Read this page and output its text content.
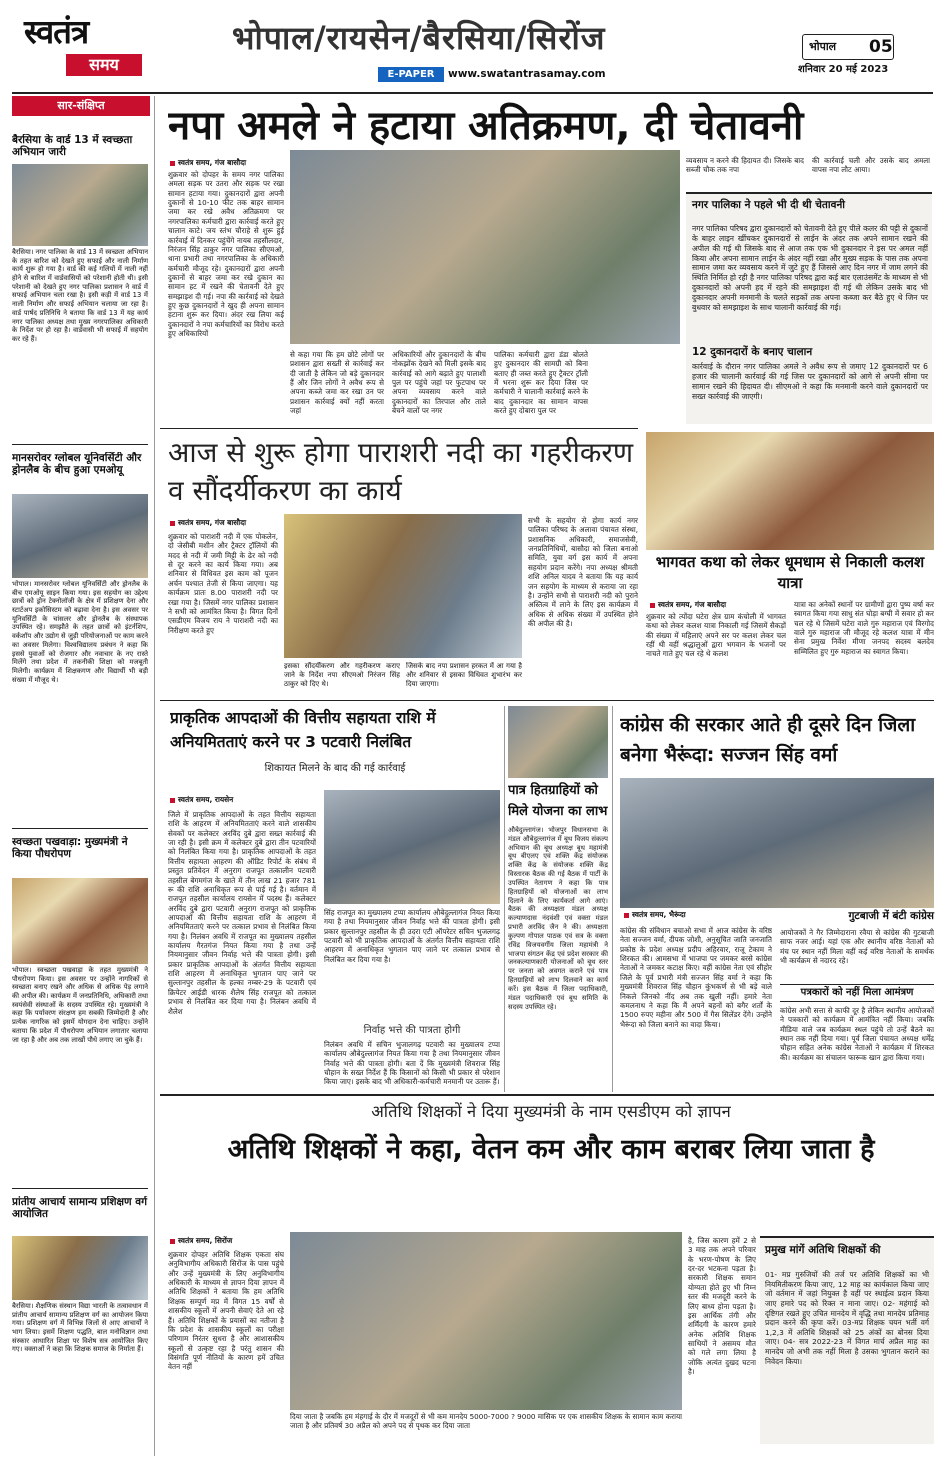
स्वतंत्र
समय
भोपाल/रायसेन/बैरसिया/सिरोंज
E-PAPER	www.swatantrasamay.com
भोपाल 05
शनिवार 20 मई 2023
सार-संक्षिप्त
बैरसिया के वार्ड 13 में स्वच्छता अभियान जारी
बैरसिया। नगर पालिका के वार्ड 13 में स्वच्छता अभियान के तहत बारिश को देखते हुए सफाई और नाली निर्माण कार्य शुरू हो गया है। वार्ड की कई गलियों में नाली नहीं होने से बारिश में वार्डवासियों को परेशानी होती थी। इसी परेशानी को देखते हुए नगर पालिका प्रशासन ने वार्ड में सफाई अभियान चला रखा है। इसी कड़ी में वार्ड 13 में नाली निर्माण और सफाई अभियान चलाया जा रहा है। वार्ड पार्षद प्रतिनिधि ने बताया कि वार्ड 13 में यह कार्य नगर पालिका अध्यक्ष तथा मुख्य नगरपालिका अधिकारी के निर्देश पर हो रहा है। वार्डवासी भी सफाई में सहयोग कर रहे हैं।
मानसरोवर ग्लोबल यूनिवर्सिटी और ड्रोनलैब के बीच हुआ एमओयू
भोपाल। मानसरोवर ग्लोबल यूनिवर्सिटी और ड्रोनलैब के बीच एमओयू साइन किया गया। इस सहयोग का उद्देश्य छात्रों को ड्रोन टेक्नोलॉजी के क्षेत्र में प्रशिक्षण देना और स्टार्टअप इकोसिस्टम को बढ़ावा देना है। इस अवसर पर यूनिवर्सिटी के चांसलर और ड्रोनलैब के संस्थापक उपस्थित रहे। समझौते के तहत छात्रों को इंटर्नशिप, वर्कशॉप और उद्योग से जुड़ी परियोजनाओं पर काम करने का अवसर मिलेगा। विश्वविद्यालय प्रबंधन ने कहा कि इससे युवाओं को रोजगार और नवाचार के नए रास्ते मिलेंगे तथा प्रदेश में तकनीकी शिक्षा को मजबूती मिलेगी। कार्यक्रम में शिक्षकगण और विद्यार्थी भी बड़ी संख्या में मौजूद थे।
स्वच्छता पखवाड़ा: मुख्यमंत्री ने किया पौधरोपण
भोपाल। स्वच्छता पखवाड़ा के तहत मुख्यमंत्री ने पौधरोपण किया। इस अवसर पर उन्होंने नागरिकों से स्वच्छता बनाए रखने और अधिक से अधिक पेड़ लगाने की अपील की। कार्यक्रम में जनप्रतिनिधि, अधिकारी तथा स्वयंसेवी संस्थाओं के सदस्य उपस्थित रहे। मुख्यमंत्री ने कहा कि पर्यावरण संरक्षण हम सबकी जिम्मेदारी है और प्रत्येक नागरिक को इसमें योगदान देना चाहिए। उन्होंने बताया कि प्रदेश में पौधरोपण अभियान लगातार चलाया जा रहा है और अब तक लाखों पौधे लगाए जा चुके हैं।
प्रांतीय आचार्य सामान्य प्रशिक्षण वर्ग आयोजित
बैरसिया। शैक्षणिक संस्थान विद्या भारती के तत्वावधान में प्रांतीय आचार्य सामान्य प्रशिक्षण वर्ग का आयोजन किया गया। प्रशिक्षण वर्ग में विभिन्न जिलों से आए आचार्यों ने भाग लिया। इसमें शिक्षण पद्धति, बाल मनोविज्ञान तथा संस्कार आधारित शिक्षा पर विशेष सत्र आयोजित किए गए। वक्ताओं ने कहा कि शिक्षक समाज के निर्माता हैं।
नपा अमले ने हटाया अतिक्रमण, दी चेतावनी
स्वतंत्र समय, गंज बासौदा
शुक्रवार को दोपहर के समय नगर पालिका अमला सड़क पर उतरा और सड़क पर रखा सामान हटाया गया। दुकानदारों द्वारा अपनी दुकानों से 10-10 फीट तक बाहर सामान जमा कर रखे अवैध अतिक्रमण पर नगरपालिका कर्मचारी द्वारा कार्रवाई करते हुए चालान काटे। जय स्तंभ चौराहे से शुरू हुई कार्रवाई में दिनकर पहुंचेंगे नायब तहसीलदार, निरंजन सिंह ठाकुर नगर पालिका सीएमओ, थाना प्रभारी तथा नगरपालिका के अधिकारी कर्मचारी मौजूद रहे। दुकानदारों द्वारा अपनी दुकानों से बाहर जमा कर रखे दुकान का सामान हट में रखने की चेतावनी देते हुए समझाइश दी गई। नपा की कार्रवाई को देखते हुए कुछ दुकानदारों ने खुद ही अपना सामान हटाना शुरू कर दिया। अंदर रख लिया कई दुकानदारों ने नपा कर्मचारियों का विरोध करते हुए अधिकारियों
से कहा गया कि हम छोटे लोगों पर प्रशासन द्वारा सख्ती से कार्रवाई कर दी जाती है लेकिन जो बड़े दुकानदार हैं और जिन लोगों ने अवैध रूप से अपना कब्जे जमा कर रखा उन पर प्रशासन कार्रवाई क्यों नहीं करता जहां
अधिकारियों और दुकानदारों के बीच नोकझोंक देखने को मिली इसके बाद कार्रवाई को आगे बढ़ाते हुए पालाशी पुल पर पहुंचे जहां पर फुटपाथ पर अपना व्यवसाय करने वाले दुकानदारों का तिरपाल और ताले बेचने वालों पर नगर
पालिका कर्मचारी द्वारा डंडा बोलते हुए दुकानदार की सामग्री को बिना बताए ही जब्त करते हुए ट्रैक्टर ट्रॉली में भरना शुरू कर दिया जिस पर कर्मचारी ने चालानी कार्रवाई करने के बाद दुकानदार का सामान वापस करते हुए दोबारा पुल पर
व्यवसाय न करने की हिदायत दी। जिसके बाद सब्जी चौक तक नपा
की कार्रवाई चली और उसके बाद अमला वापस नपा लौट आया।
नगर पालिका ने पहले भी दी थी चेतावनी
नगर पालिका परिषद द्वारा दुकानदारों को चेतावनी देते हुए पीले कलर की पट्टी से दुकानों के बाहर लाइन खींचकर दुकानदारों से लाईन के अंदर तक अपने सामान रखने की अपील की गई थी जिसके बाद से आज तक एक भी दुकानदार ने इस पर अमल नहीं किया और अपना सामान लाईन के अंदर नहीं रखा और मुख्य सड़क के पास तक अपना सामान जमा कर व्यवसाय करने में जुटे हुए हैं जिससे आए दिन नगर में जाम लगने की स्थिति निर्मित हो रही है नगर पालिका परिषद द्वारा कई बार एलाउंसमेंट के माध्यम से भी दुकानदारों को अपनी हद में रहने की समझाइश दी गई थी लेकिन उसके बाद भी दुकानदार अपनी मनमानी के चलते सड़कों तक अपना कब्जा कर बैठे हुए थे जिन पर बुधवार को समझाइश के साथ चालानी कार्रवाई की गई।
12 दुकानदारों के बनाए चालान
कार्रवाई के दौरान नगर पालिका अमले ने अवैध रूप से जमाए 12 दुकानदारों पर 6 हजार की चालानी कार्रवाई की गई जिस पर दुकानदारों को आगे से अपनी सीमा पर सामान रखने की हिदायत दी। सीएमओ ने कहा कि मनमानी करने वाले दुकानदारों पर सख्त कार्रवाई की जाएगी।
आज से शुरू होगा पाराशरी नदी का गहरीकरण व सौंदर्यीकरण का कार्य
स्वतंत्र समय, गंज बासौदा
शुक्रवार को पाराशरी नदी में एक पोकलेन, दो जेसीबी मशीन और ट्रैक्टर ट्रॉलियों की मदद से नदी में जमी मिट्टी के ढेर को नदी से दूर करने का कार्य किया गया। अब शनिवार से विधिवत इस काम को पूजन अर्चन पश्चात तेजी से किया जाएगा। यह कार्यक्रम प्रातः 8.00 पाराशरी नदी पर रखा गया है। जिसमें नगर पालिका प्रशासन ने सभी को आमंत्रित किया है। विगत दिनों एसडीएम विजय राय ने पाराशरी नदी का निरीक्षण करते हुए
इसका सौंदर्यीकरण और गहरीकरण कराए जाने के निर्देश नपा सीएमओ निरंजन सिंह ठाकुर को दिए थे।
जिसके बाद नपा प्रशासन हरकत में आ गया है और शनिवार से इसका विधिवत शुभारंभ कर दिया जाएगा।
सभी के सहयोग से होगा कार्य नगर पालिका परिषद के अलावा पंचायत संस्था, प्रशासनिक अधिकारी, समाजसेवी, जनप्रतिनिधियों, बासौदा को जिला बनाओ समिति, युवा वर्ग इस कार्य में अपना सहयोग प्रदान करेंगे। नपा अध्यक्ष श्रीमती शशि अनिल यादव ने बताया कि यह कार्य जन सहयोग के माध्यम से कराया जा रहा है। उन्होंने सभी से पाराशरी नदी को पुराने अस्तित्व में लाने के लिए इस कार्यक्रम में अधिक से अधिक संख्या में उपस्थित होने की अपील की है।
भागवत कथा को लेकर धूमधाम से निकाली कलश यात्रा
स्वतंत्र समय, गंज बासौदा
शुक्रवार को त्योंदा घटेरा क्षेत्र ग्राम कंचोली में भागवत कथा को लेकर कलश यात्रा निकाली गई जिसमें सैकड़ों की संख्या में महिलाएं अपने सर पर कलश लेकर चल रहीं थी वहीं श्रद्धालुओं द्वारा भगवान के भजनों पर नाचते गाते हुए चल रहे थे कलश
यात्रा का अनेकों स्थानों पर ग्रामीणों द्वारा पुष्प वर्षा कर स्वागत किया गया साधु संत घोड़ा बग्घी में सवार हो कर चल रहे थे जिसमें घटेरा वाले गुरु महाराज एवं विरगोद वाले गुरु महाराज जी मौजूद रहे कलश यात्रा में मीन सेना प्रमुख निर्वेश मीणा जनपद सदस्य बलदेव सम्मिलित हुए गुरु महाराज का स्वागत किया।
प्राकृतिक आपदाओं की वित्तीय सहायता राशि में अनियमितताएं करने पर 3 पटवारी निलंबित
शिकायत मिलने के बाद की गई कार्रवाई
स्वतंत्र समय, रायसेन
जिले में प्राकृतिक आपदाओं के तहत वित्तीय सहायता राशि के आहरण में अनियमितताएं करने वाले शासकीय सेवकों पर कलेक्टर अरविंद दुबे द्वारा सख्त कार्रवाई की जा रही है। इसी क्रम में कलेक्टर दुबे द्वारा तीन पटवारियों को निलंबित किया गया है। प्राकृतिक आपदाओं के तहत वित्तीय सहायता आहरण की ऑडिट रिपोर्ट के संबंध में प्रस्तुत प्रतिवेदन में अनुराग राजपूत तत्कालीन पटवारी तहसील बेगमगंज के खाते में तीन लाख 21 हजार 781 रू की राशि अनाधिकृत रूप से पाई गई है। वर्तमान में राजपूत तहसील कार्यालय रायसेन में पदस्थ हैं। कलेक्टर अरविंद दुबे द्वारा पटवारी अनुराग राजपूत को प्राकृतिक आपदाओं की वित्तीय सहायता राशि के आहरण में अनियमितताएं करने पर तत्काल प्रभाव से निलंबित किया गया है। निलंबन अवधि में राजपूत का मुख्यालय तहसील कार्यालय गैरतगंज नियत किया गया है तथा उन्हें नियमानुसार जीवन निर्वाह भत्ते की पात्रता होगी। इसी प्रकार प्राकृतिक आपदाओं के अंतर्गत वित्तीय सहायता राशि आहरण में अनाधिकृत भुगतान पाए जाने पर सुल्तानपुर तहसील के हल्का नम्बर-29 के पटवारी एवं क्रियेटर आईडी धारक शैलेष सिंह राजपूत को तत्काल प्रभाव से निलंबित कर दिया गया है। निलंबन अवधि में शैलेश
सिंह राजपूत का मुख्यालय टप्पा कार्यालय औबेदुल्लागंज नियत किया गया है तथा नियमानुसार जीवन निर्वाह भत्ते की पात्रता होगी। इसी प्रकार सुल्तानपुर तहसील के ही उदरा एटी ऑपरेटर सचिन भुजलगढ़ पटवारी को भी प्राकृतिक आपदाओं के अंतर्गत वित्तीय सहायता राशि आहरण में अनाधिकृत भुगतान पाए जाने पर तत्काल प्रभाव से निलंबित कर दिया गया है।
निर्वाह भत्ते की पात्रता होगी
निलंबन अवधि में सचिन भुजालगढ़ पटवारी का मुख्यालय टप्पा कार्यालय औबेदुल्लागंज नियत किया गया है तथा नियमानुसार जीवन निर्वाह भत्ते की पात्रता होगी। बता दें कि मुख्यमंत्री शिवराज सिंह चौहान के सख्त निर्देश हैं कि किसानों को किसी भी प्रकार से परेशान किया जाए। इसके बाद भी अधिकारी-कर्मचारी मनमानी पर उतारू हैं।
पात्र हितग्राहियों को मिले योजना का लाभ
औबेदुल्लागंज। भोजपुर विधानसभा के मंडल औबेदुल्लागंज में बूथ विजय संकल्प अभियान की बूथ अध्यक्ष बूथ महामंत्री बूथ बीएलए एवं शक्ति केंद्र संयोजक शक्ति केंद्र के संयोजक शक्ति केंद्र विस्तारक बैठक की गई बैठक में पार्टी के उपस्थित नेतागण ने कहा कि पात्र हितग्राहियों को योजनाओं का लाभ दिलाने के लिए कार्यकर्ता आगे आएं। बैठक की अध्यक्षता मंडल अध्यक्ष कल्याणदास नंदवंशी एवं वक्ता मंडल प्रभारी अरविंद जैन ने की। अध्यक्षता कुल्पण गोपाल पाठक एवं सत्र के वक्ता रविंद्र विजयवर्गीय जिला महामंत्री ने भाजपा संगठन केंद्र एवं प्रदेश सरकार की जनकल्याणकारी योजनाओं को बूथ स्तर पर जनता को अवगत कराने एवं पात्र हितग्राहियों को लाभ दिलवाने का कार्य करें। इस बैठक में जिला पदाधिकारी, मंडल पदाधिकारी एवं बूथ समिति के सदस्य उपस्थित रहे।
कांग्रेस की सरकार आते ही दूसरे दिन जिला बनेगा भैरूंदा: सज्जन सिंह वर्मा
स्वतंत्र समय, भैरूंदा	गुटबाजी में बंटी कांग्रेस
कांग्रेस की संविधान बचाओ सभा में आज कांग्रेस के वरिष्ठ नेता सज्जन वर्मा, दीपक जोशी, अनुसूचित जाति जनजाति प्रकोष्ठ के प्रदेश अध्यक्ष प्रदीप अहिरवार, राजू टेकाम ने शिरकत की। आमसभा में भाजपा पर जमकर बरसे कांग्रेस नेताओं ने जमकर कटाक्ष किए। वहीं कांग्रेस नेता एवं सीहोर जिले के पूर्व प्रभारी मंत्री सज्जन सिंह वर्मा ने कहा कि मुख्यमंत्री शिवराज सिंह चौहान कुंभकर्ण से भी बड़े वाले निकले जिनको नींद अब तक खुली नहीं। हमारे नेता कमलनाथ ने कहा कि मैं अपने बहनों को बगैर शर्तों के 1500 रुपए महीना और 500 में गैस सिलेंडर देंगे। उन्होंने भैरूंदा को जिला बनाने का वादा किया।
आयोजकों ने गैर जिम्मेदाराना रवैया से कांग्रेस की गुटबाजी साफ नजर आई। यहां एक और स्थानीय वरिष्ठ नेताओं को मंच पर स्थान नहीं मिला वहीं कई वरिष्ठ नेताओं के समर्थक भी कार्यक्रम से नदारद रहे।
पत्रकारों को नहीं मिला आमंत्रण
कांग्रेस अभी सत्ता से काफी दूर है लेकिन स्थानीय आयोजकों ने पत्रकारों को कार्यक्रम में आमंत्रित नहीं किया। जबकि मीडिया वाले जब कार्यक्रम स्थल पहुंचे तो उन्हें बैठने का स्थान तक नहीं दिया गया। पूर्व जिला पंचायत अध्यक्ष धर्मेंद्र चौहान सहित अनेक कांग्रेस नेताओं ने कार्यक्रम में शिरकत की। कार्यक्रम का संचालन फारूक खान द्वारा किया गया।
अतिथि शिक्षकों ने दिया मुख्यमंत्री के नाम एसडीएम को ज्ञापन
अतिथि शिक्षकों ने कहा, वेतन कम और काम बराबर लिया जाता है
स्वतंत्र समय, सिरोंज
शुक्रवार दोपहर अतिथि शिक्षक एकता संघ अनुविभागीय अधिकारी सिरोंज के पास पहुंचे और उन्हें मुख्यमंत्री के लिए अनुविभागीय अधिकारी के माध्यम से ज्ञापन दिया ज्ञापन में अतिथि शिक्षकों ने बताया कि हम अतिथि शिक्षक सम्पूर्ण मप्र में विगत 15 वर्षों से शासकीय स्कूलों में अपनी सेवाएं देते आ रहे हैं। अतिथि शिक्षकों के प्रयासों का नतीजा है कि प्रदेश के शासकीय स्कूलों का परीक्षा परिणाम निरंतर सुधरा है और आशासकीय स्कूलों से उत्कृष्ट रहा है परंतु शासन की विसंगति पूर्ण नीतियों के कारण हमें उचित वेतन नहीं
दिया जाता है जबकि हम मंहगाई के दौर में मजदूरों से भी कम मानदेय 5000-7000 ? 9000 मासिक पर एक शासकीय शिक्षक के सामान काम कराया जाता है और प्रतिवर्ष 30 अप्रैल को अपने पद से पृथक कर दिया जाता
है, जिस कारण हमें 2 से 3 माह तक अपने परिवार के भरण-पोषण के लिए दर-दर भटकना पड़ता है। सरकारी शिक्षक समान योग्यता होते हुए भी निम्न स्तर की मजदूरी करने के लिए बाध्य होना पड़ता है। इस आर्थिक तंगी और शर्मिंदगी के कारण हमारे अनेक अतिथि शिक्षक साथियों ने असमय मौत को गले लगा लिया है जोकि अत्यंत दुखद घटना है।
प्रमुख मांगें अतिथि शिक्षकों की
01- मप्र गुरुजियों की तर्ज पर अतिथि शिक्षकों का भी नियमितीकरण किया जाए, 12 माह का कार्यकाल किया जाए जो वर्तमान में जहां नियुक्त है वहीं पर स्थाईत्व प्रदान किया जाए हमारे पद को रिक्त न माना जाए। 02- महंगाई को दृष्टिगत रखते हुए उचित मानदेय में वृद्धि तथा मानदेय प्रतिमाह प्रदान करने की कृपा करें। 03-मप्र शिक्षक चयन भर्ती वर्ग 1,2,3 में अतिथि शिक्षकों को 25 अंकों का बोनस दिया जाए। 04- सत्र 2022-23 में विगत मार्च अप्रैल माह का मानदेय जो अभी तक नहीं मिला है उसका भुगतान कराने का निवेदन किया।
